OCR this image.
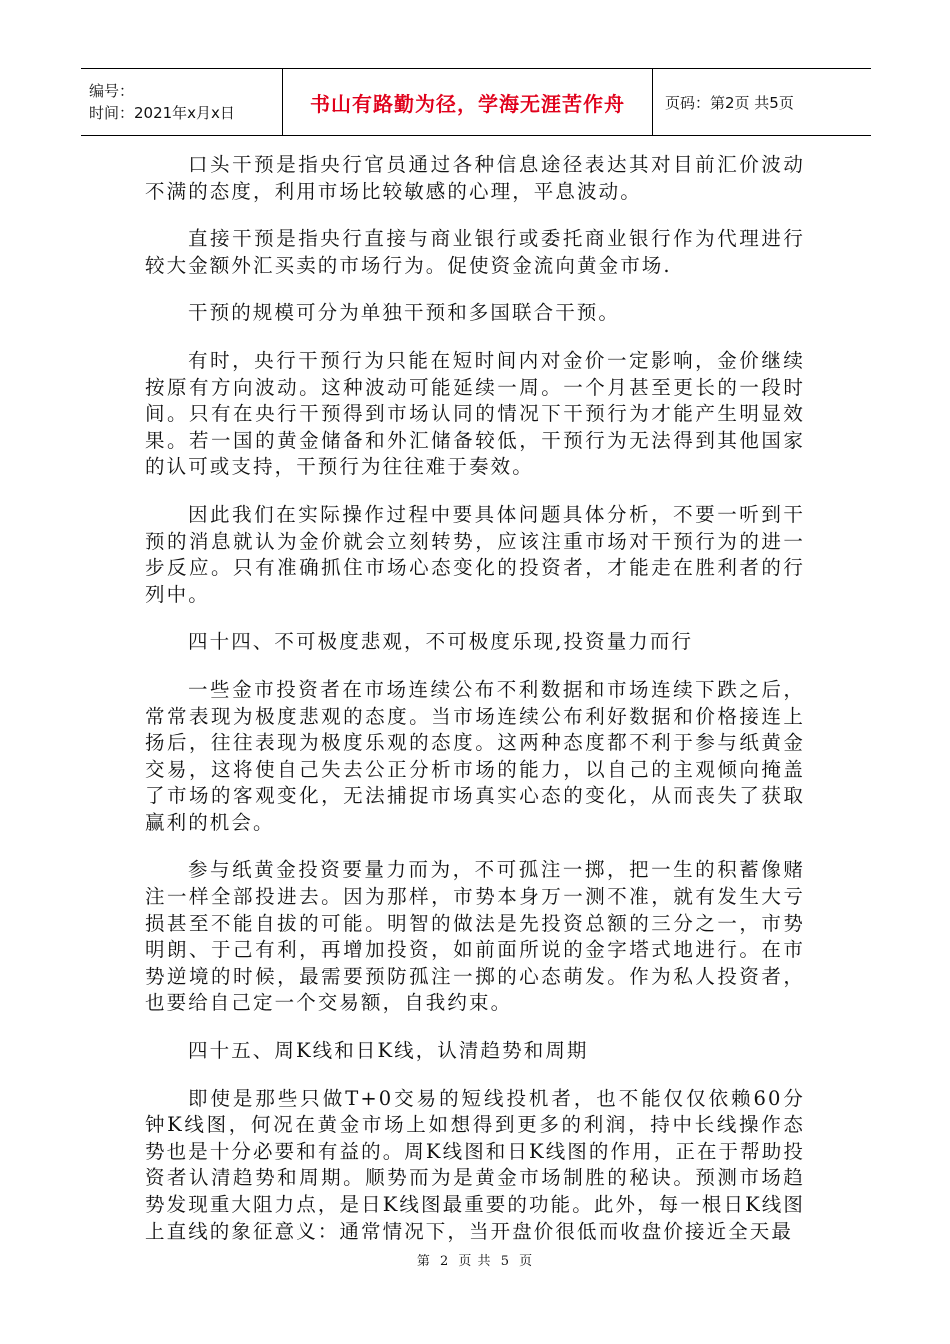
编号：
时间：2021年x月x日	书山有路勤为径，学海无涯苦作舟	页码：第2页 共5页

口头干预是指央行官员通过各种信息途径表达其对目前汇价波动不满的态度，利用市场比较敏感的心理，平息波动。

直接干预是指央行直接与商业银行或委托商业银行作为代理进行较大金额外汇买卖的市场行为。促使资金流向黄金市场.

干预的规模可分为单独干预和多国联合干预。

有时，央行干预行为只能在短时间内对金价一定影响，金价继续按原有方向波动。这种波动可能延续一周。一个月甚至更长的一段时间。只有在央行干预得到市场认同的情况下干预行为才能产生明显效果。若一国的黄金储备和外汇储备较低，干预行为无法得到其他国家的认可或支持，干预行为往往难于奏效。

因此我们在实际操作过程中要具体问题具体分析，不要一听到干预的消息就认为金价就会立刻转势，应该注重市场对干预行为的进一步反应。只有准确抓住市场心态变化的投资者，才能走在胜利者的行列中。

四十四、不可极度悲观，不可极度乐现,投资量力而行

一些金市投资者在市场连续公布不利数据和市场连续下跌之后，常常表现为极度悲观的态度。当市场连续公布利好数据和价格接连上扬后，往往表现为极度乐观的态度。这两种态度都不利于参与纸黄金交易，这将使自己失去公正分析市场的能力，以自己的主观倾向掩盖了市场的客观变化，无法捕捉市场真实心态的变化，从而丧失了获取赢利的机会。

参与纸黄金投资要量力而为，不可孤注一掷，把一生的积蓄像赌注一样全部投进去。因为那样，市势本身万一测不准，就有发生大亏损甚至不能自拔的可能。明智的做法是先投资总额的三分之一，市势明朗、于己有利，再增加投资，如前面所说的金字塔式地进行。在市势逆境的时候，最需要预防孤注一掷的心态萌发。作为私人投资者，也要给自己定一个交易额，自我约束。

四十五、周K线和日K线，认清趋势和周期

即使是那些只做T+0交易的短线投机者，也不能仅仅依赖60分钟K线图，何况在黄金市场上如想得到更多的利润，持中长线操作态势也是十分必要和有益的。周K线图和日K线图的作用，正在于帮助投资者认清趋势和周期。顺势而为是黄金市场制胜的秘诀。预测市场趋势发现重大阻力点，是日K线图最重要的功能。此外，每一根日K线图上直线的象征意义：通常情况下，当开盘价很低而收盘价接近全天最

第 2 页 共 5 页
